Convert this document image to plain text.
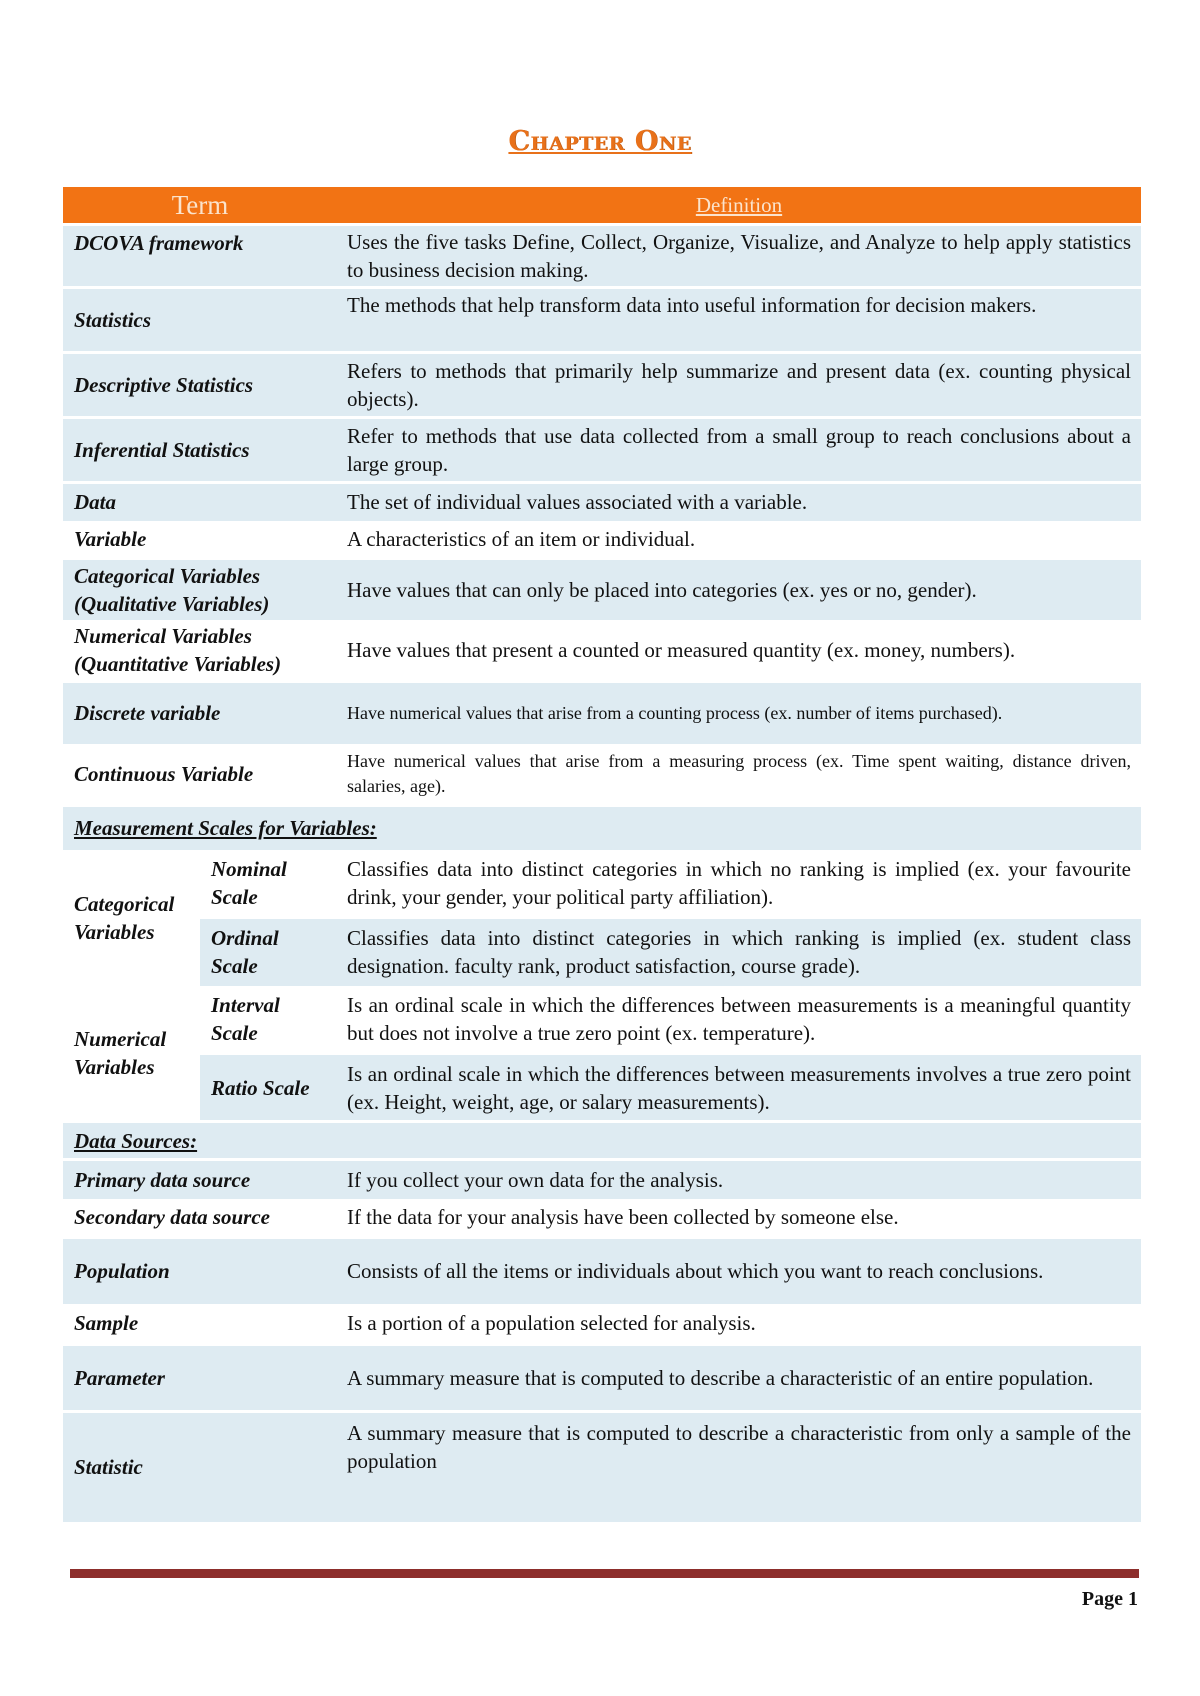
Chapter One
Term		Definition
DCOVA framework		Uses the five tasks Define, Collect, Organize, Visualize, and Analyze to help apply statistics to business decision making.
Statistics		The methods that help transform data into useful information for decision makers.
Descriptive Statistics		Refers to methods that primarily help summarize and present data (ex. counting physical objects).
Inferential Statistics		Refer to methods that use data collected from a small group to reach conclusions about a large group.
Data		The set of individual values associated with a variable.
Variable		A characteristics of an item or individual.
Categorical Variables (Qualitative Variables)		Have values that can only be placed into categories (ex. yes or no, gender).
Numerical Variables (Quantitative Variables)		Have values that present a counted or measured quantity (ex. money, numbers).
Discrete variable		Have numerical values that arise from a counting process (ex. number of items purchased).
Continuous Variable		Have numerical values that arise from a measuring process (ex. Time spent waiting, distance driven, salaries, age).
Measurement Scales for Variables:		
Categorical Variables	Nominal Scale	Classifies data into distinct categories in which no ranking is implied (ex. your favourite drink, your gender, your political party affiliation).
	Ordinal Scale	Classifies data into distinct categories in which ranking is implied (ex. student class designation. faculty rank, product satisfaction, course grade).
Numerical Variables	Interval Scale	Is an ordinal scale in which the differences between measurements is a meaningful quantity but does not involve a true zero point (ex. temperature).
	Ratio Scale	Is an ordinal scale in which the differences between measurements involves a true zero point (ex. Height, weight, age, or salary measurements).
Data Sources:		
Primary data source		If you collect your own data for the analysis.
Secondary data source		If the data for your analysis have been collected by someone else.
Population		Consists of all the items or individuals about which you want to reach conclusions.
Sample		Is a portion of a population selected for analysis.
Parameter		A summary measure that is computed to describe a characteristic of an entire population.
Statistic		A summary measure that is computed to describe a characteristic from only a sample of the population
Page 1
